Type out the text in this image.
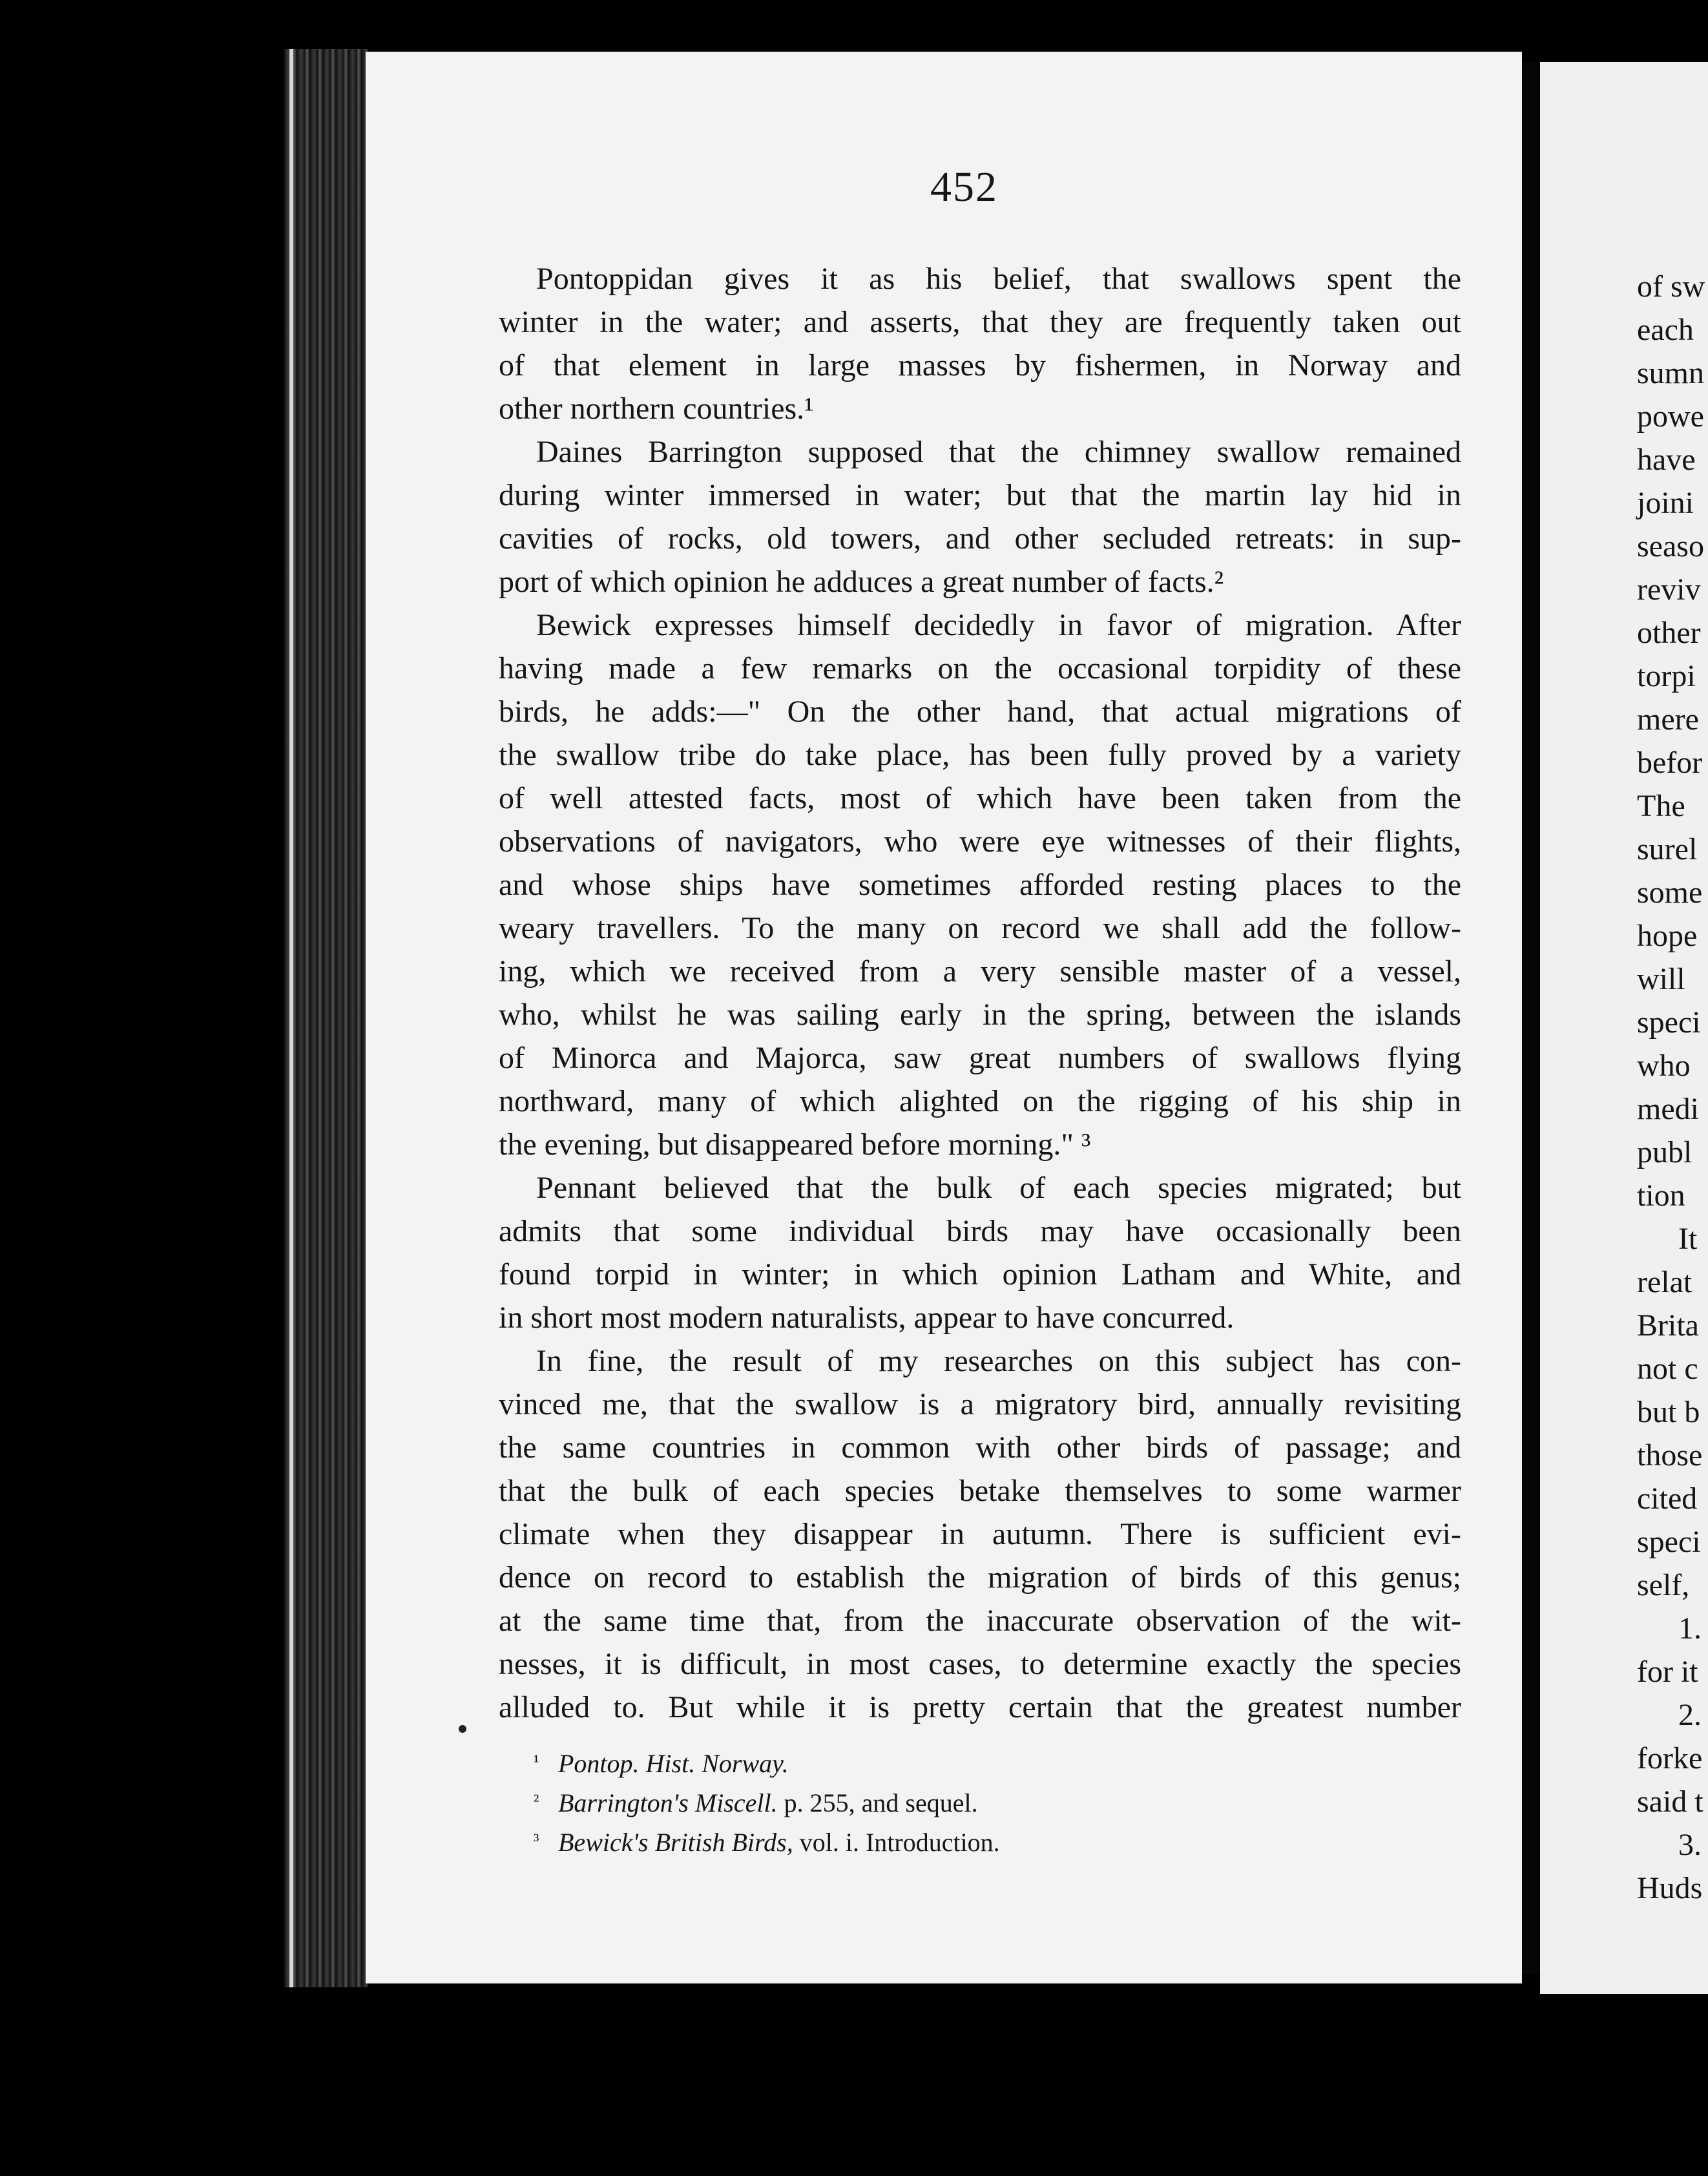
452
Pontoppidan gives it as his belief, that swallows spent the
winter in the water; and asserts, that they are frequently taken out
of that element in large masses by fishermen, in Norway and
other northern countries.¹
Daines Barrington supposed that the chimney swallow remained
during winter immersed in water; but that the martin lay hid in
cavities of rocks, old towers, and other secluded retreats: in sup-
port of which opinion he adduces a great number of facts.²
Bewick expresses himself decidedly in favor of migration. After
having made a few remarks on the occasional torpidity of these
birds, he adds:—" On the other hand, that actual migrations of
the swallow tribe do take place, has been fully proved by a variety
of well attested facts, most of which have been taken from the
observations of navigators, who were eye witnesses of their flights,
and whose ships have sometimes afforded resting places to the
weary travellers. To the many on record we shall add the follow-
ing, which we received from a very sensible master of a vessel,
who, whilst he was sailing early in the spring, between the islands
of Minorca and Majorca, saw great numbers of swallows flying
northward, many of which alighted on the rigging of his ship in
the evening, but disappeared before morning." ³
Pennant believed that the bulk of each species migrated; but
admits that some individual birds may have occasionally been
found torpid in winter; in which opinion Latham and White, and
in short most modern naturalists, appear to have concurred.
In fine, the result of my researches on this subject has con-
vinced me, that the swallow is a migratory bird, annually revisiting
the same countries in common with other birds of passage; and
that the bulk of each species betake themselves to some warmer
climate when they disappear in autumn. There is sufficient evi-
dence on record to establish the migration of birds of this genus;
at the same time that, from the inaccurate observation of the wit-
nesses, it is difficult, in most cases, to determine exactly the species
alluded to. But while it is pretty certain that the greatest number
¹ Pontop. Hist. Norway.
² Barrington's Miscell. p. 255, and sequel.
³ Bewick's British Birds, vol. i. Introduction.
of sw
each
sumn
powe
have
joini
seaso
reviv
other
torpi
mere
befor
The
surel
some
hope
will
speci
who
medi
publ
tion
It
relat
Brita
not c
but b
those
cited
speci
self,
1.
for it
2.
forke
said t
3.
Huds
